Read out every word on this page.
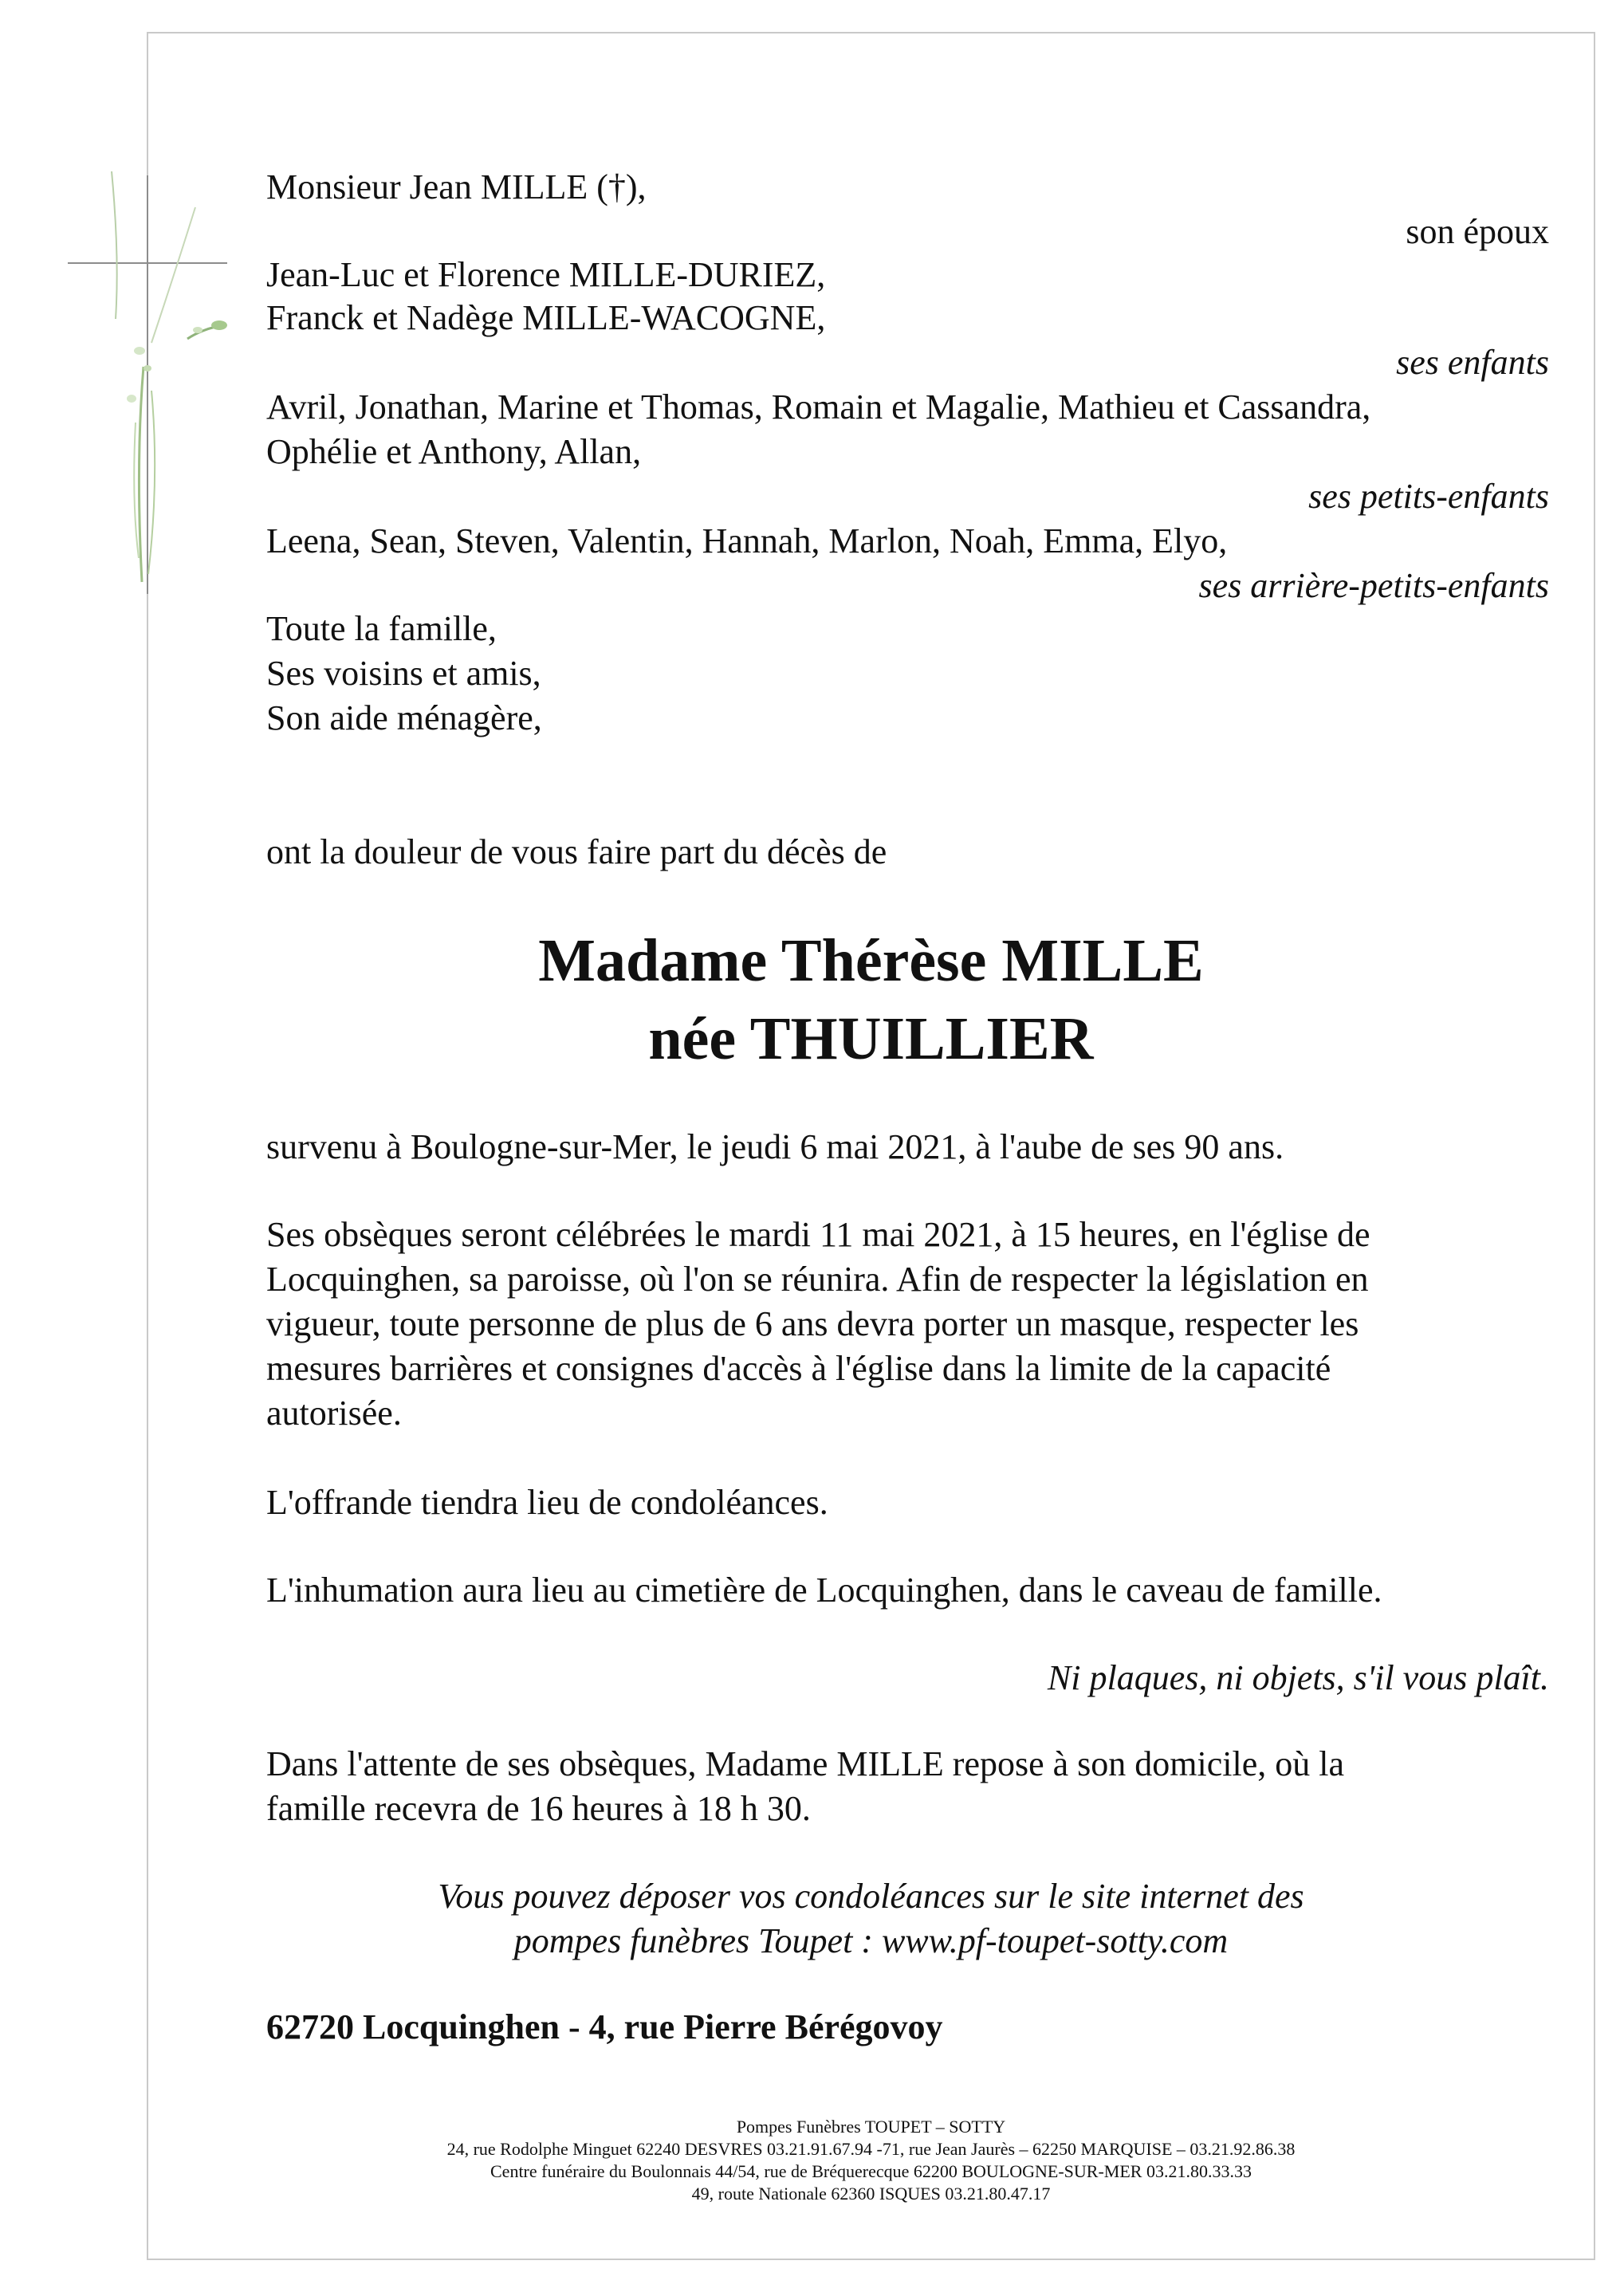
Monsieur Jean MILLE (†),
son époux
Jean-Luc et Florence MILLE-DURIEZ,
Franck et Nadège MILLE-WACOGNE,
ses enfants
Avril, Jonathan, Marine et Thomas, Romain et Magalie, Mathieu et Cassandra,
Ophélie et Anthony, Allan,
ses petits-enfants
Leena, Sean, Steven, Valentin, Hannah, Marlon, Noah, Emma, Elyo,
ses arrière-petits-enfants
Toute la famille,
Ses voisins et amis,
Son aide ménagère,
ont la douleur de vous faire part du décès de
Madame Thérèse MILLE
née THUILLIER
survenu à Boulogne-sur-Mer, le jeudi 6 mai 2021, à l'aube de ses 90 ans.
Ses obsèques seront célébrées le mardi 11 mai 2021, à 15 heures, en l'église de
Locquinghen, sa paroisse, où l'on se réunira. Afin de respecter la législation en
vigueur, toute personne de plus de 6 ans devra porter un masque, respecter les
mesures barrières et consignes d'accès à l'église dans la limite de la capacité
autorisée.
L'offrande tiendra lieu de condoléances.
L'inhumation aura lieu au cimetière de Locquinghen, dans le caveau de famille.
Ni plaques, ni objets, s'il vous plaît.
Dans l'attente de ses obsèques, Madame MILLE repose à son domicile, où la
famille recevra de 16 heures à 18 h 30.
Vous pouvez déposer vos condoléances sur le site internet des
pompes funèbres Toupet : www.pf-toupet-sotty.com
62720 Locquinghen - 4, rue Pierre Bérégovoy
Pompes Funèbres TOUPET – SOTTY
24, rue Rodolphe Minguet 62240 DESVRES 03.21.91.67.94 -71, rue Jean Jaurès – 62250 MARQUISE – 03.21.92.86.38
Centre funéraire du Boulonnais 44/54, rue de Bréquerecque 62200 BOULOGNE-SUR-MER 03.21.80.33.33
49, route Nationale 62360 ISQUES 03.21.80.47.17
